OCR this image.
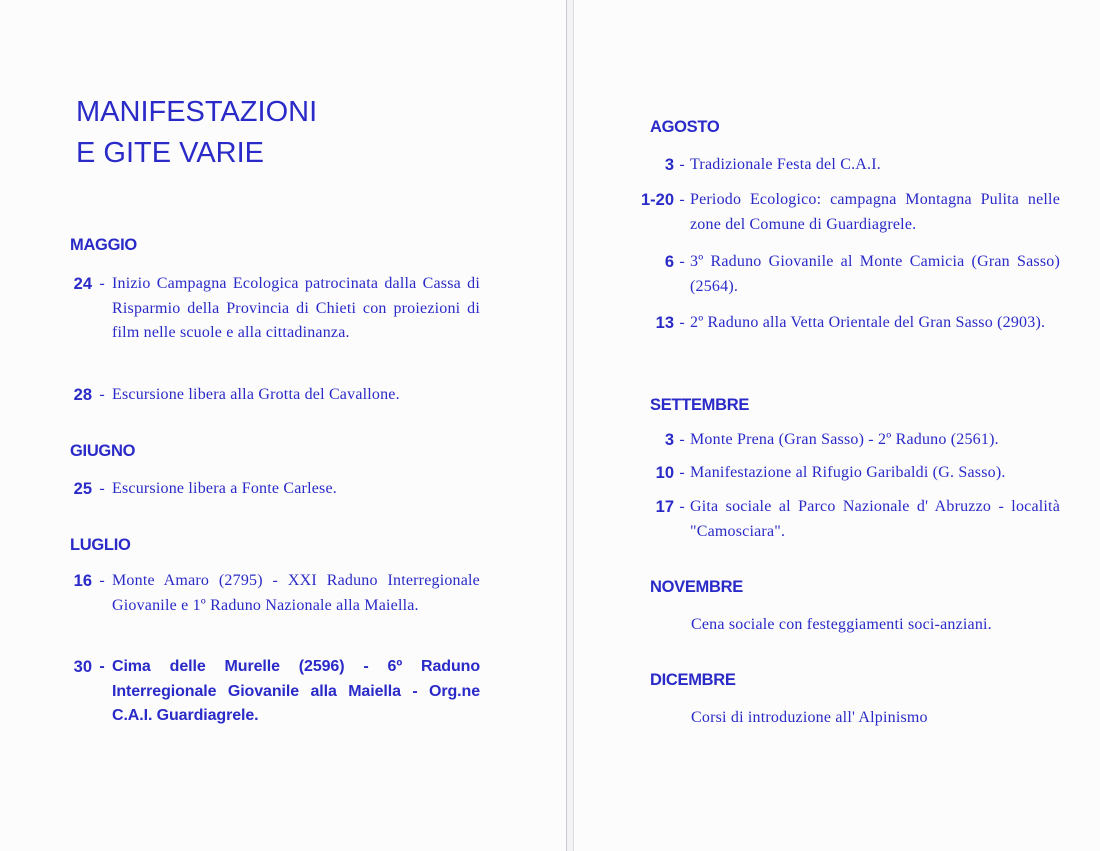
MANIFESTAZIONI
E GITE VARIE
MAGGIO
24 - Inizio Campagna Ecologica patrocinata dalla Cassa di Risparmio della Provincia di Chieti con proiezioni di film nelle scuole e alla cittadinanza.
28 - Escursione libera alla Grotta del Cavallone.
GIUGNO
25 - Escursione libera a Fonte Carlese.
LUGLIO
16 - Monte Amaro (2795) - XXI Raduno Interregionale Giovanile e 1º Raduno Nazionale alla Maiella.
30 - Cima delle Murelle (2596) - 6º Raduno Interregionale Giovanile alla Maiella - Org.ne C.A.I. Guardiagrele.
AGOSTO
3 - Tradizionale Festa del C.A.I.
1-20 - Periodo Ecologico: campagna Montagna Pulita nelle zone del Comune di Guardiagrele.
6 - 3º Raduno Giovanile al Monte Camicia (Gran Sasso) (2564).
13 - 2º Raduno alla Vetta Orientale del Gran Sasso (2903).
SETTEMBRE
3 - Monte Prena (Gran Sasso) - 2º Raduno (2561).
10 - Manifestazione al Rifugio Garibaldi (G. Sasso).
17 - Gita sociale al Parco Nazionale d' Abruzzo - località "Camosciara".
NOVEMBRE
Cena sociale con festeggiamenti soci-anziani.
DICEMBRE
Corsi di introduzione all' Alpinismo
